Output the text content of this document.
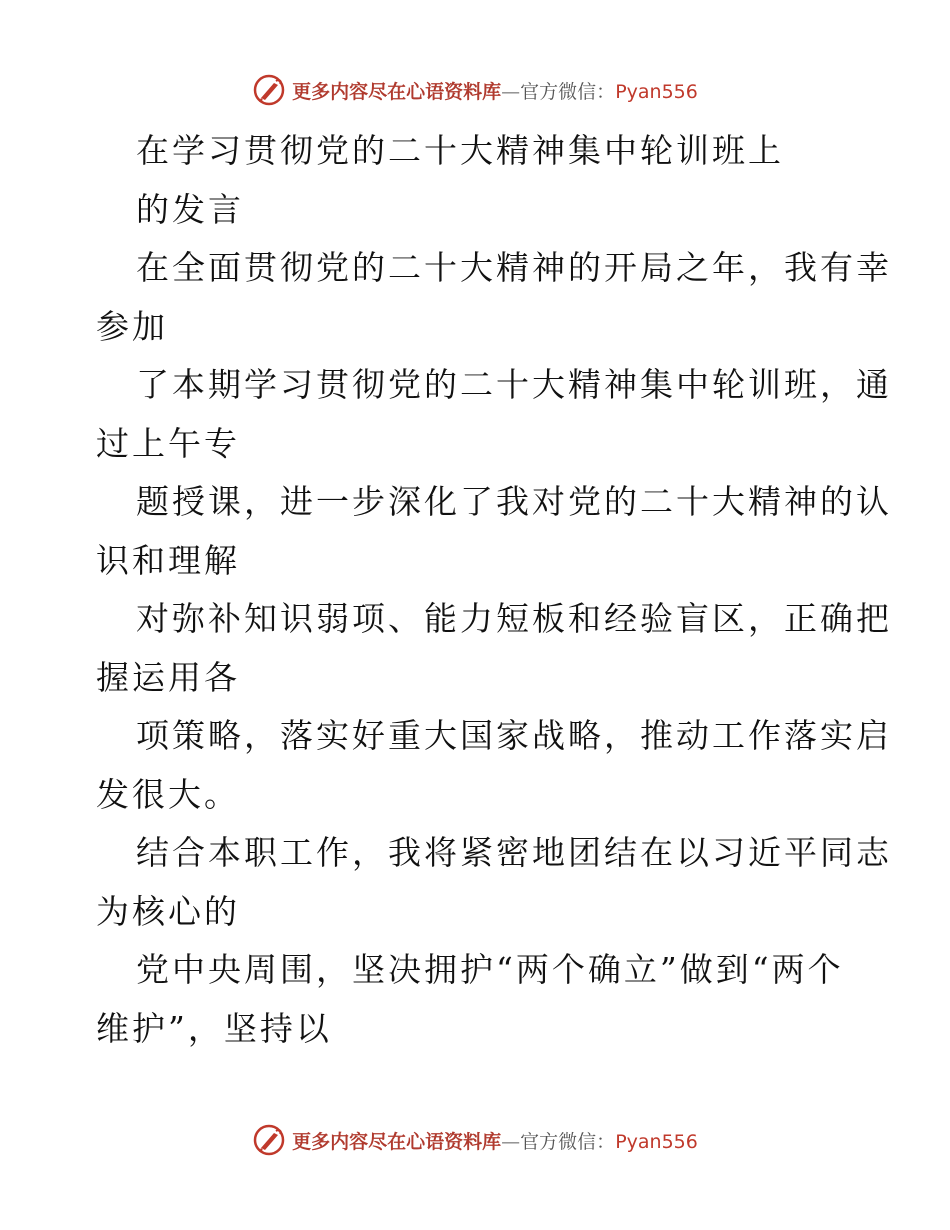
更多内容尽在心语资料库—官方微信：Pyan556
在学习贯彻党的二十大精神集中轮训班上
的发言
在全面贯彻党的二十大精神的开局之年，我有幸
参加
了本期学习贯彻党的二十大精神集中轮训班，通
过上午专
题授课，进一步深化了我对党的二十大精神的认
识和理解
对弥补知识弱项、能力短板和经验盲区，正确把
握运用各
项策略，落实好重大国家战略，推动工作落实启
发很大。
结合本职工作，我将紧密地团结在以习近平同志
为核心的
党中央周围，坚决拥护“两个确立”做到“两个
维护”，坚持以
更多内容尽在心语资料库—官方微信：Pyan556
